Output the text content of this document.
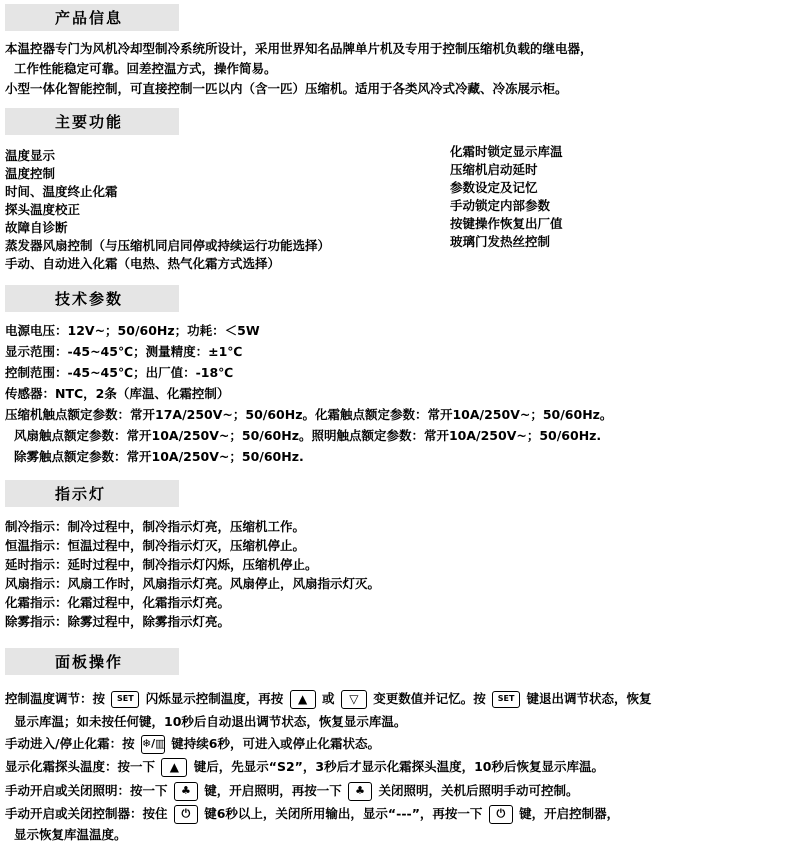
产品信息
本温控器专门为风机冷却型制冷系统所设计，采用世界知名品牌单片机及专用于控制压缩机负载的继电器，
工作性能稳定可靠。回差控温方式，操作简易。
小型一体化智能控制，可直接控制一匹以内（含一匹）压缩机。适用于各类风冷式冷藏、冷冻展示柜。
主要功能
温度显示
温度控制
时间、温度终止化霜
探头温度校正
故障自诊断
蒸发器风扇控制（与压缩机同启同停或持续运行功能选择）
手动、自动进入化霜（电热、热气化霜方式选择）
化霜时锁定显示库温
压缩机启动延时
参数设定及记忆
手动锁定内部参数
按键操作恢复出厂值
玻璃门发热丝控制
技术参数
电源电压：12V~；50/60Hz；功耗：＜5W
显示范围：-45~45℃；测量精度：±1℃
控制范围：-45~45℃；出厂值：-18℃
传感器：NTC，2条（库温、化霜控制）
压缩机触点额定参数：常开17A/250V~；50/60Hz。化霜触点额定参数：常开10A/250V~；50/60Hz。
风扇触点额定参数：常开10A/250V~；50/60Hz。照明触点额定参数：常开10A/250V~；50/60Hz.
除雾触点额定参数：常开10A/250V~；50/60Hz.
指示灯
制冷指示：制冷过程中，制冷指示灯亮，压缩机工作。
恒温指示：恒温过程中，制冷指示灯灭，压缩机停止。
延时指示：延时过程中，制冷指示灯闪烁，压缩机停止。
风扇指示：风扇工作时，风扇指示灯亮。风扇停止，风扇指示灯灭。
化霜指示：化霜过程中，化霜指示灯亮。
除雾指示：除雾过程中，除雾指示灯亮。
面板操作
控制温度调节：按 SET 闪烁显示控制温度，再按 ▲ 或 ▽ 变更数值并记忆。按 SET 键退出调节状态，恢复
显示库温；如未按任何键，10秒后自动退出调节状态，恢复显示库温。
手动进入/停止化霜：按 ❄/▥ 键持续6秒，可进入或停止化霜状态。
显示化霜探头温度：按一下 ▲ 键后，先显示“S2”，3秒后才显示化霜探头温度，10秒后恢复显示库温。
手动开启或关闭照明：按一下 ♣ 键，开启照明，再按一下 ♣ 关闭照明，关机后照明手动可控制。
手动开启或关闭控制器：按住 ⏻ 键6秒以上，关闭所用输出，显示“---”，再按一下 ⏻ 键，开启控制器，
显示恢复库温温度。
